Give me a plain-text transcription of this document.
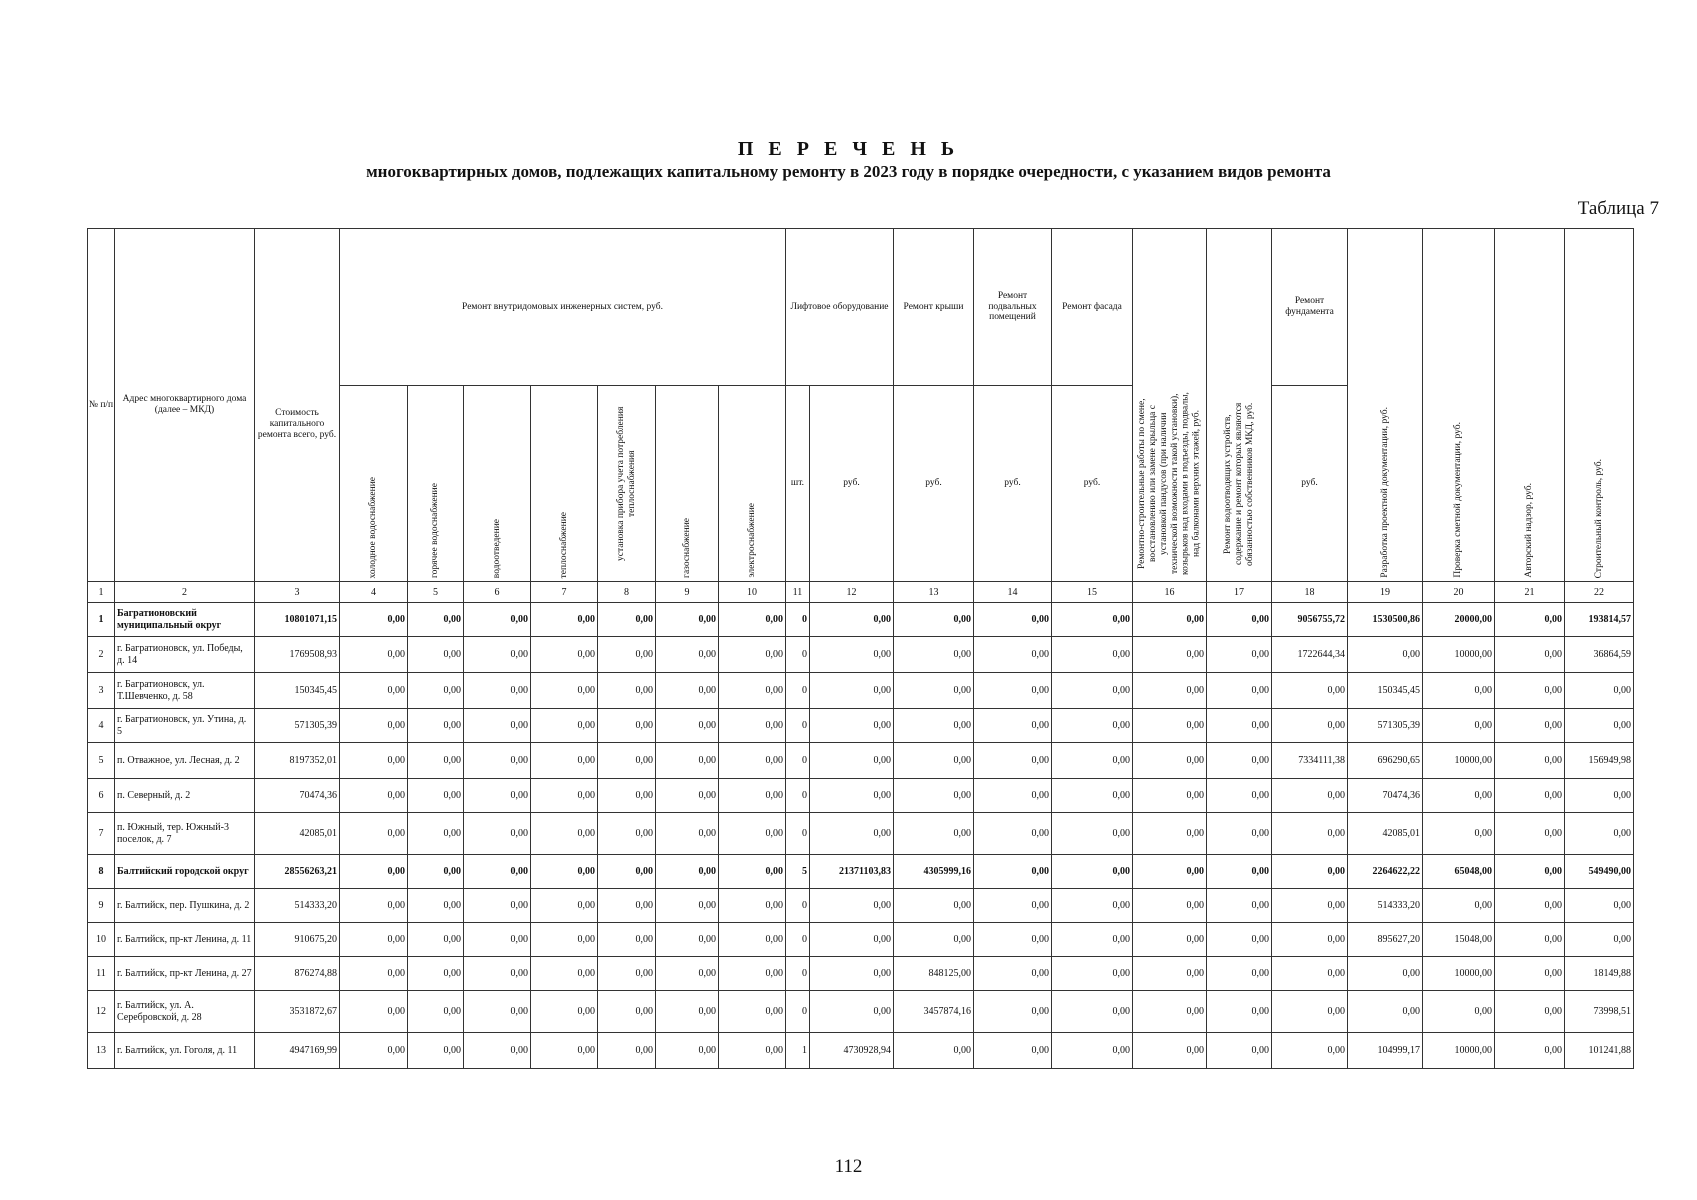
П Е Р Е Ч Е Н Ь
многоквартирных домов, подлежащих капитальному ремонту в 2023 году в порядке очередности, с указанием видов ремонта
Таблица 7
№ п/п	Адрес многоквартирного дома (далее – МКД)	Стоимость капитального ремонта всего, руб.	Ремонт внутридомовых инженерных систем, руб.							Лифтовое оборудование		Ремонт крыши	Ремонт подвальных помещений	Ремонт фасада	Ремонтно-строительные работы по смене, восстановлению или замене крыльца с установкой пандусов (при наличии технической возможности такой установки), козырьков над входами в подъезды, подвалы, над балконами верхних этажей, руб.	Ремонт водоотводящих устройств, содержание и ремонт которых являются обязанностью собственников МКД, руб.	Ремонт фундамента	Разработка проектной документации, руб.	Проверка сметной документации, руб.	Авторский надзор, руб.	Строительный контроль, руб.
			холодное водоснабжение	горячее водоснабжение	водоотведение	теплоснабжение	установка прибора учета потребления теплоснабжения	газоснабжение	электроснабжение	шт.	руб.	руб.	руб.	руб.			руб.				
1	2	3	4	5	6	7	8	9	10	11	12	13	14	15	16	17	18	19	20	21	22
1	Багратионовский муниципальный округ	10801071,15	0,00	0,00	0,00	0,00	0,00	0,00	0,00	0	0,00	0,00	0,00	0,00	0,00	0,00	9056755,72	1530500,86	20000,00	0,00	193814,57
2	г. Багратионовск, ул. Победы, д. 14	1769508,93	0,00	0,00	0,00	0,00	0,00	0,00	0,00	0	0,00	0,00	0,00	0,00	0,00	0,00	1722644,34	0,00	10000,00	0,00	36864,59
3	г. Багратионовск, ул. Т.Шевченко, д. 58	150345,45	0,00	0,00	0,00	0,00	0,00	0,00	0,00	0	0,00	0,00	0,00	0,00	0,00	0,00	0,00	150345,45	0,00	0,00	0,00
4	г. Багратионовск, ул. Утина, д. 5	571305,39	0,00	0,00	0,00	0,00	0,00	0,00	0,00	0	0,00	0,00	0,00	0,00	0,00	0,00	0,00	571305,39	0,00	0,00	0,00
5	п. Отважное, ул. Лесная, д. 2	8197352,01	0,00	0,00	0,00	0,00	0,00	0,00	0,00	0	0,00	0,00	0,00	0,00	0,00	0,00	7334111,38	696290,65	10000,00	0,00	156949,98
6	п. Северный, д. 2	70474,36	0,00	0,00	0,00	0,00	0,00	0,00	0,00	0	0,00	0,00	0,00	0,00	0,00	0,00	0,00	70474,36	0,00	0,00	0,00
7	п. Южный, тер. Южный-3 поселок, д. 7	42085,01	0,00	0,00	0,00	0,00	0,00	0,00	0,00	0	0,00	0,00	0,00	0,00	0,00	0,00	0,00	42085,01	0,00	0,00	0,00
8	Балтийский городской округ	28556263,21	0,00	0,00	0,00	0,00	0,00	0,00	0,00	5	21371103,83	4305999,16	0,00	0,00	0,00	0,00	0,00	2264622,22	65048,00	0,00	549490,00
9	г. Балтийск, пер. Пушкина, д. 2	514333,20	0,00	0,00	0,00	0,00	0,00	0,00	0,00	0	0,00	0,00	0,00	0,00	0,00	0,00	0,00	514333,20	0,00	0,00	0,00
10	г. Балтийск, пр-кт Ленина, д. 11	910675,20	0,00	0,00	0,00	0,00	0,00	0,00	0,00	0	0,00	0,00	0,00	0,00	0,00	0,00	0,00	895627,20	15048,00	0,00	0,00
11	г. Балтийск, пр-кт Ленина, д. 27	876274,88	0,00	0,00	0,00	0,00	0,00	0,00	0,00	0	0,00	848125,00	0,00	0,00	0,00	0,00	0,00	0,00	10000,00	0,00	18149,88
12	г. Балтийск, ул. А. Серебровской, д. 28	3531872,67	0,00	0,00	0,00	0,00	0,00	0,00	0,00	0	0,00	3457874,16	0,00	0,00	0,00	0,00	0,00	0,00	0,00	0,00	73998,51
13	г. Балтийск, ул. Гоголя, д. 11	4947169,99	0,00	0,00	0,00	0,00	0,00	0,00	0,00	1	4730928,94	0,00	0,00	0,00	0,00	0,00	0,00	104999,17	10000,00	0,00	101241,88
112
